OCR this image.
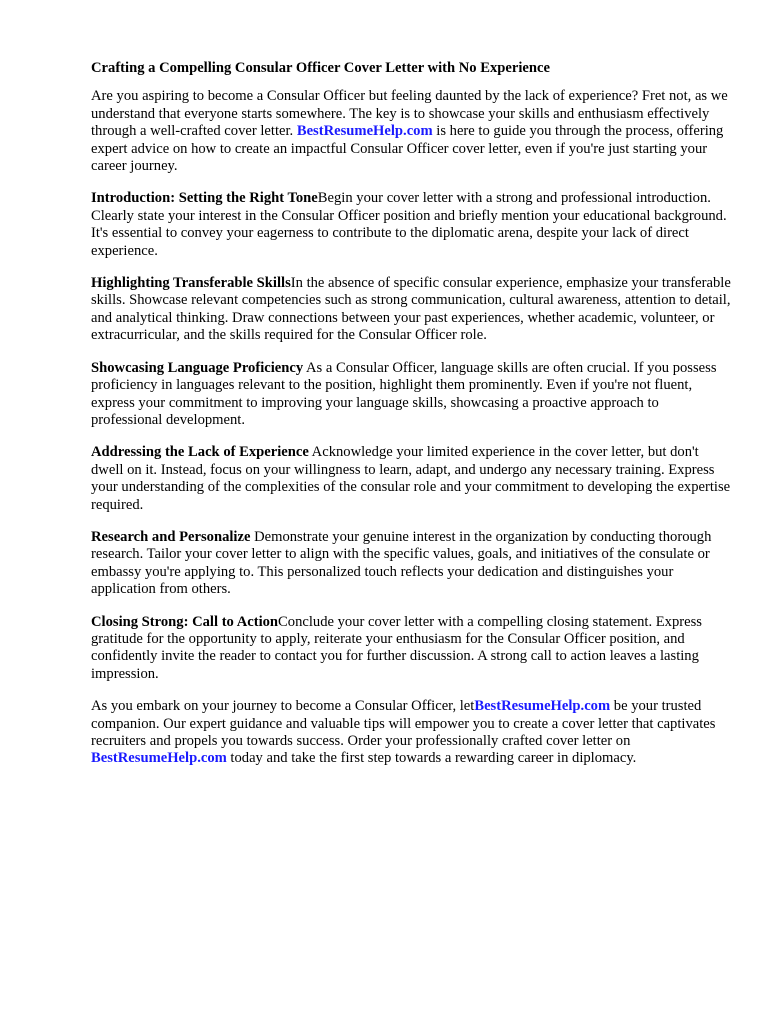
Crafting a Compelling Consular Officer Cover Letter with No Experience

Are you aspiring to become a Consular Officer but feeling daunted by the lack of experience? Fret not, as we understand that everyone starts somewhere. The key is to showcase your skills and enthusiasm effectively through a well-crafted cover letter. BestResumeHelp.com is here to guide you through the process, offering expert advice on how to create an impactful Consular Officer cover letter, even if you're just starting your career journey.

Introduction: Setting the Right ToneBegin your cover letter with a strong and professional introduction. Clearly state your interest in the Consular Officer position and briefly mention your educational background. It's essential to convey your eagerness to contribute to the diplomatic arena, despite your lack of direct experience.

Highlighting Transferable SkillsIn the absence of specific consular experience, emphasize your transferable skills. Showcase relevant competencies such as strong communication, cultural awareness, attention to detail, and analytical thinking. Draw connections between your past experiences, whether academic, volunteer, or extracurricular, and the skills required for the Consular Officer role.

Showcasing Language Proficiency As a Consular Officer, language skills are often crucial. If you possess proficiency in languages relevant to the position, highlight them prominently. Even if you're not fluent, express your commitment to improving your language skills, showcasing a proactive approach to professional development.

Addressing the Lack of Experience Acknowledge your limited experience in the cover letter, but don't dwell on it. Instead, focus on your willingness to learn, adapt, and undergo any necessary training. Express your understanding of the complexities of the consular role and your commitment to developing the expertise required.

Research and Personalize Demonstrate your genuine interest in the organization by conducting thorough research. Tailor your cover letter to align with the specific values, goals, and initiatives of the consulate or embassy you're applying to. This personalized touch reflects your dedication and distinguishes your application from others.

Closing Strong: Call to ActionConclude your cover letter with a compelling closing statement. Express gratitude for the opportunity to apply, reiterate your enthusiasm for the Consular Officer position, and confidently invite the reader to contact you for further discussion. A strong call to action leaves a lasting impression.

As you embark on your journey to become a Consular Officer, letBestResumeHelp.com be your trusted companion. Our expert guidance and valuable tips will empower you to create a cover letter that captivates recruiters and propels you towards success. Order your professionally crafted cover letter on BestResumeHelp.com today and take the first step towards a rewarding career in diplomacy.
